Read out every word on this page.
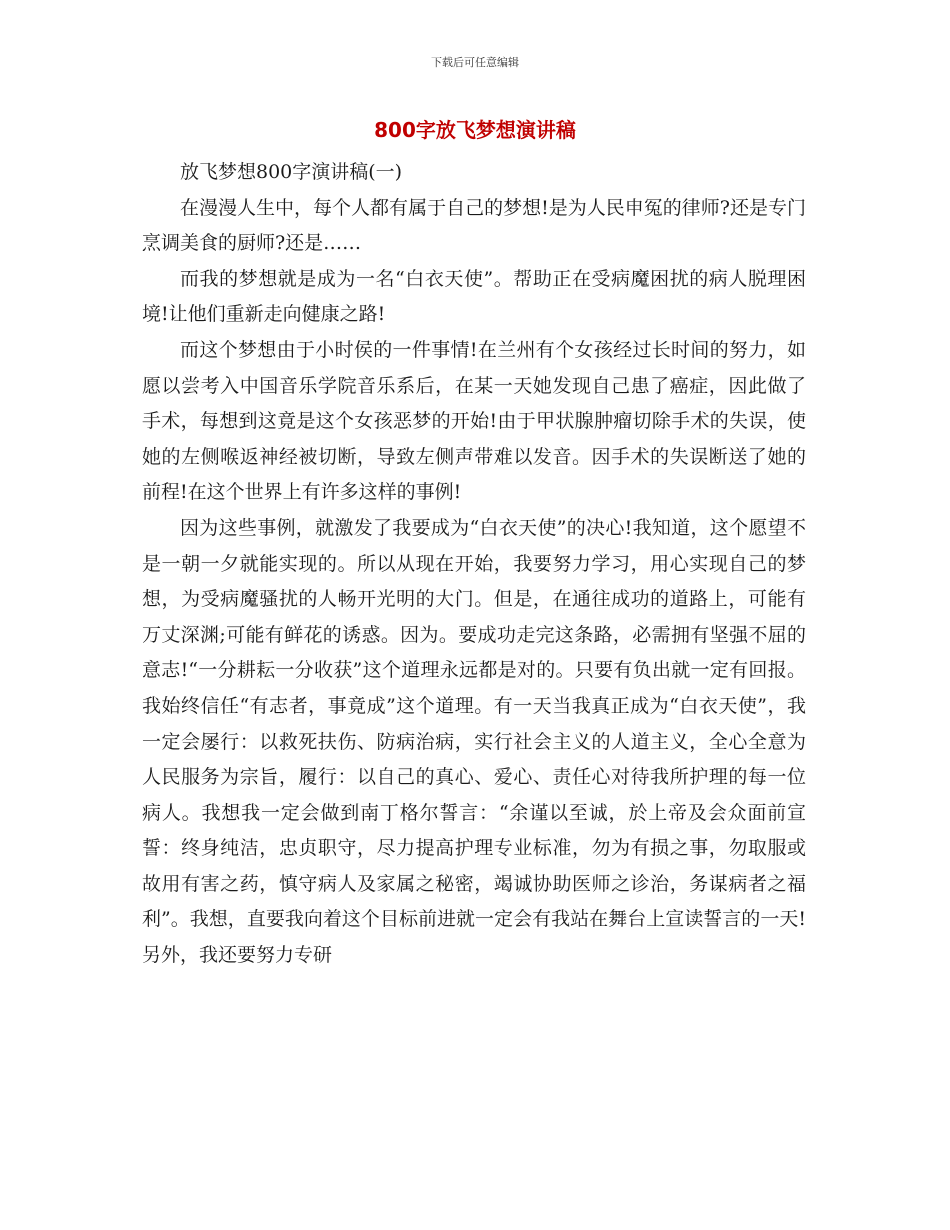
下载后可任意编辑
800字放飞梦想演讲稿

放飞梦想800字演讲稿(一)

在漫漫人生中，每个人都有属于自己的梦想!是为人民申冤的律师?还是专门烹调美食的厨师?还是……

而我的梦想就是成为一名“白衣天使”。帮助正在受病魔困扰的病人脱理困境!让他们重新走向健康之路!

而这个梦想由于小时侯的一件事情!在兰州有个女孩经过长时间的努力，如愿以尝考入中国音乐学院音乐系后，在某一天她发现自己患了癌症，因此做了手术，每想到这竟是这个女孩恶梦的开始!由于甲状腺肿瘤切除手术的失误，使她的左侧喉返神经被切断，导致左侧声带难以发音。因手术的失误断送了她的前程!在这个世界上有许多这样的事例!

因为这些事例，就激发了我要成为“白衣天使”的决心!我知道，这个愿望不是一朝一夕就能实现的。所以从现在开始，我要努力学习，用心实现自己的梦想，为受病魔骚扰的人畅开光明的大门。但是，在通往成功的道路上，可能有万丈深渊;可能有鲜花的诱惑。因为。要成功走完这条路，必需拥有坚强不屈的意志!“一分耕耘一分收获”这个道理永远都是对的。只要有负出就一定有回报。我始终信任“有志者，事竟成”这个道理。有一天当我真正成为“白衣天使”，我一定会屡行：以救死扶伤、防病治病，实行社会主义的人道主义，全心全意为人民服务为宗旨，履行：以自己的真心、爱心、责任心对待我所护理的每一位病人。我想我一定会做到南丁格尔誓言：“余谨以至诚，於上帝及会众面前宣誓：终身纯洁，忠贞职守，尽力提高护理专业标准，勿为有损之事，勿取服或故用有害之药，慎守病人及家属之秘密，竭诚协助医师之诊治，务谋病者之福利”。我想，直要我向着这个目标前进就一定会有我站在舞台上宣读誓言的一天!另外，我还要努力专研
